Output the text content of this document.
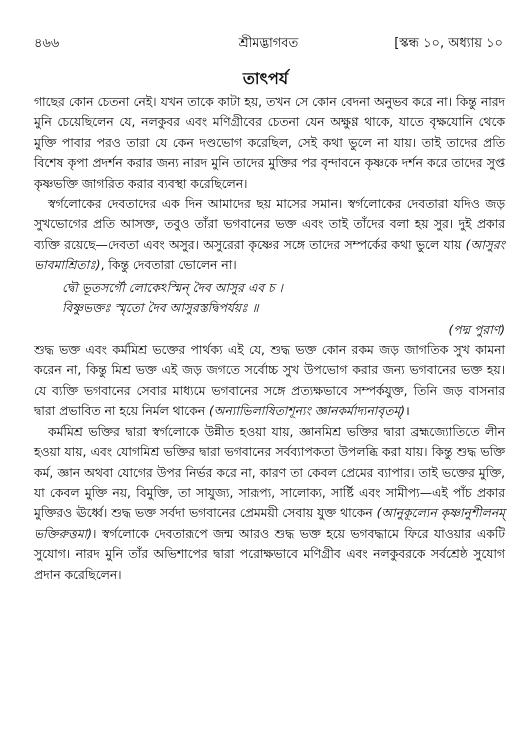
৪৬৬	শ্রীমদ্ভাগবত	[স্কন্ধ ১০, অধ্যায় ১০
তাৎপর্য

গাছের কোন চেতনা নেই। যখন তাকে কাটা হয়, তখন সে কোন বেদনা অনুভব করে না। কিন্তু নারদ মুনি চেয়েছিলেন যে, নলকুবর এবং মণিগ্রীবের চেতনা যেন অক্ষুণ্ণ থাকে, যাতে বৃক্ষযোনি থেকে মুক্তি পাবার পরও তারা যে কেন দণ্ডভোগ করেছিল, সেই কথা ভুলে না যায়। তাই তাদের প্রতি বিশেষ কৃপা প্রদর্শন করার জন্য নারদ মুনি তাদের মুক্তির পর বৃন্দাবনে কৃষ্ণকে দর্শন করে তাদের সুপ্ত কৃষ্ণভক্তি জাগরিত করার ব্যবস্থা করেছিলেন।

স্বর্গলোকের দেবতাদের এক দিন আমাদের ছয় মাসের সমান। স্বর্গলোকের দেবতারা যদিও জড় সুখভোগের প্রতি আসক্ত, তবুও তাঁরা ভগবানের ভক্ত এবং তাই তাঁদের বলা হয় সুর। দুই প্রকার ব্যক্তি রয়েছে—দেবতা এবং অসুর। অসুরেরা কৃষ্ণের সঙ্গে তাদের সম্পর্কের কথা ভুলে যায় (আসুরং ভাবমাশ্রিতাঃ), কিন্তু দেবতারা ভোলেন না।

দ্বৌ ভূতসর্গৌ লোকেঽস্মিন্ দৈব আসুর এব চ ।
বিষ্ণুভক্তঃ স্মৃতো দৈব আসুরস্তদ্বিপর্যয়ঃ ॥

(পদ্ম পুরাণ)

শুদ্ধ ভক্ত এবং কর্মমিশ্র ভক্তের পার্থক্য এই যে, শুদ্ধ ভক্ত কোন রকম জড় জাগতিক সুখ কামনা করেন না, কিন্তু মিশ্র ভক্ত এই জড় জগতে সর্বোচ্চ সুখ উপভোগ করার জন্য ভগবানের ভক্ত হয়। যে ব্যক্তি ভগবানের সেবার মাধ্যমে ভগবানের সঙ্গে প্রত্যক্ষভাবে সম্পর্কযুক্ত, তিনি জড় বাসনার দ্বারা প্রভাবিত না হয়ে নির্মল থাকেন (অন্যাভিলাষিতাশূন্যং জ্ঞানকর্মাদ্যনাবৃতম্)।

কর্মমিশ্র ভক্তির দ্বারা স্বর্গলোকে উন্নীত হওয়া যায়, জ্ঞানমিশ্র ভক্তির দ্বারা ব্রহ্মজ্যোতিতে লীন হওয়া যায়, এবং যোগমিশ্র ভক্তির দ্বারা ভগবানের সর্বব্যাপকতা উপলব্ধি করা যায়। কিন্তু শুদ্ধ ভক্তি কর্ম, জ্ঞান অথবা যোগের উপর নির্ভর করে না, কারণ তা কেবল প্রেমের ব্যাপার। তাই ভক্তের মুক্তি, যা কেবল মুক্তি নয়, বিমুক্তি, তা সাযুজ্য, সারূপ্য, সালোক্য, সার্ষ্টি এবং সামীপ্য—এই পাঁচ প্রকার মুক্তিরও ঊর্ধ্বে। শুদ্ধ ভক্ত সর্বদা ভগবানের প্রেমময়ী সেবায় যুক্ত থাকেন (আনুকূল্যেন কৃষ্ণানুশীলনম্ ভক্তিরুত্তমা)। স্বর্গলোকে দেবতারূপে জন্ম আরও শুদ্ধ ভক্ত হয়ে ভগবদ্ধামে ফিরে যাওয়ার একটি সুযোগ। নারদ মুনি তাঁর অভিশাপের দ্বারা পরোক্ষভাবে মণিগ্রীব এবং নলকুবরকে সর্বশ্রেষ্ঠ সুযোগ প্রদান করেছিলেন।
